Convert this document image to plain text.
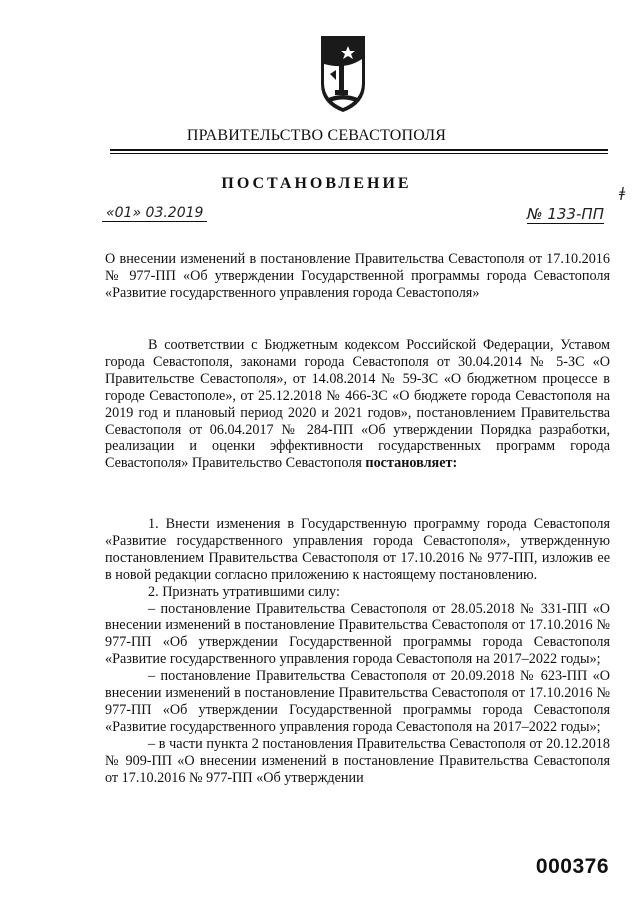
ПРАВИТЕЛЬСТВО СЕВАСТОПОЛЯ
ПОСТАНОВЛЕНИЕ
ǂ
«01» 03.2019	№ 133-ПП

О внесении изменений в постановление Правительства Севастополя от 17.10.2016 № 977-ПП «Об утверждении Государственной программы города Севастополя «Развитие государственного управления города Севастополя»

В соответствии с Бюджетным кодексом Российской Федерации, Уставом города Севастополя, законами города Севастополя от 30.04.2014 № 5-ЗС «О Правительстве Севастополя», от 14.08.2014 № 59-ЗС «О бюджетном процессе в городе Севастополе», от 25.12.2018 № 466-ЗС «О бюджете города Севастополя на 2019 год и плановый период 2020 и 2021 годов», постановлением Правительства Севастополя от 06.04.2017 № 284-ПП «Об утверждении Порядка разработки, реализации и оценки эффективности государственных программ города Севастополя» Правительство Севастополя постановляет:

1. Внести изменения в Государственную программу города Севастополя «Развитие государственного управления города Севастополя», утвержденную постановлением Правительства Севастополя от 17.10.2016 № 977-ПП, изложив ее в новой редакции согласно приложению к настоящему постановлению.

2. Признать утратившими силу:

– постановление Правительства Севастополя от 28.05.2018 № 331-ПП «О внесении изменений в постановление Правительства Севастополя от 17.10.2016 № 977-ПП «Об утверждении Государственной программы города Севастополя «Развитие государственного управления города Севастополя на 2017–2022 годы»;

– постановление Правительства Севастополя от 20.09.2018 № 623-ПП «О внесении изменений в постановление Правительства Севастополя от 17.10.2016 № 977-ПП «Об утверждении Государственной программы города Севастополя «Развитие государственного управления города Севастополя на 2017–2022 годы»;

– в части пункта 2 постановления Правительства Севастополя от 20.12.2018 № 909-ПП «О внесении изменений в постановление Правительства Севастополя от 17.10.2016 № 977-ПП «Об утверждении

000376
